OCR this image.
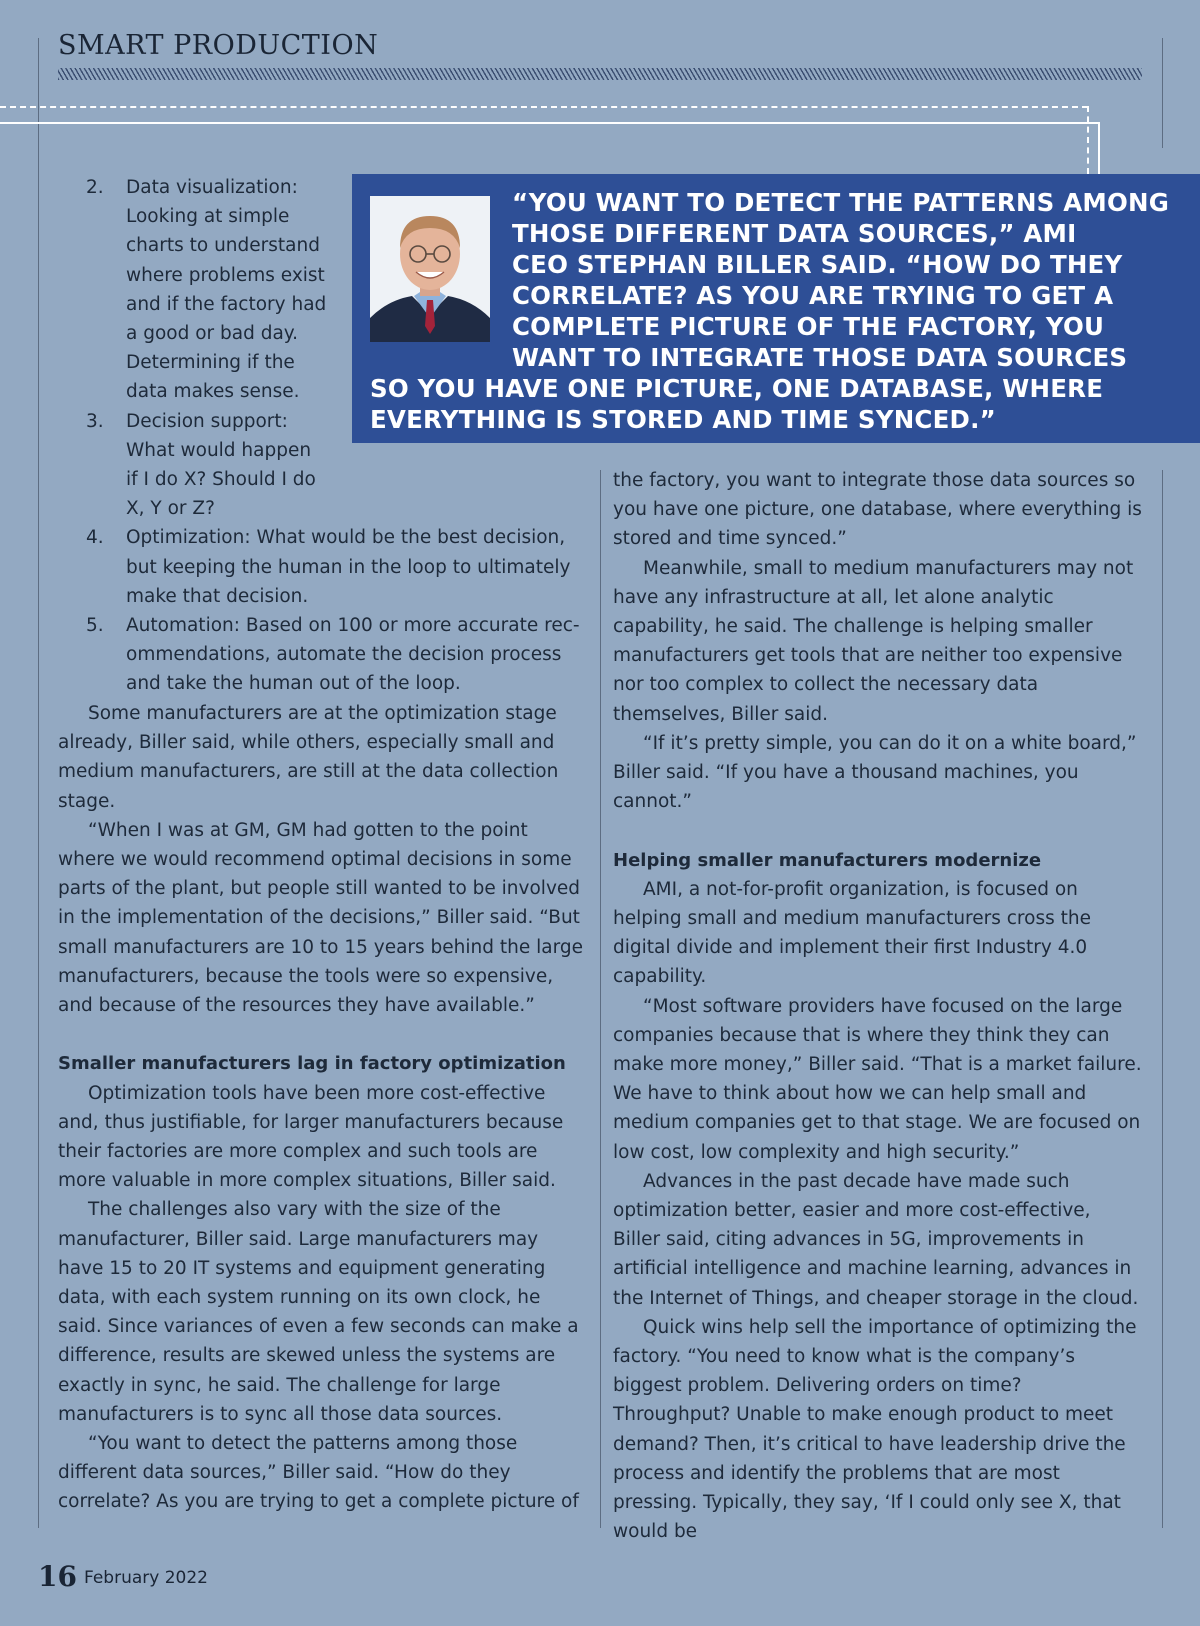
SMART PRODUCTION
2. Data visualization:
Looking at simple
charts to understand
where problems exist
and if the factory had
a good or bad day.
Determining if the
data makes sense.
3. Decision support:
What would happen
if I do X? Should I do
X, Y or Z?
4. Optimization: What would be the best decision,
but keeping the human in the loop to ultimately
make that decision.
5. Automation: Based on 100 or more accurate rec-
ommendations, automate the decision process
and take the human out of the loop.

“YOU WANT TO DETECT THE PATTERNS AMONG
THOSE DIFFERENT DATA SOURCES,” AMI
CEO STEPHAN BILLER SAID. “HOW DO THEY
CORRELATE? AS YOU ARE TRYING TO GET A
COMPLETE PICTURE OF THE FACTORY, YOU
WANT TO INTEGRATE THOSE DATA SOURCES

SO YOU HAVE ONE PICTURE, ONE DATABASE, WHERE
EVERYTHING IS STORED AND TIME SYNCED.”

Some manufacturers are at the optimization stage already, Biller said, while others, especially small and medium manufacturers, are still at the data collection stage.

“When I was at GM, GM had gotten to the point where we would recommend optimal decisions in some parts of the plant, but people still wanted to be involved in the implementation of the decisions,” Biller said. “But small manufacturers are 10 to 15 years behind the large manufacturers, because the tools were so expensive, and because of the resources they have available.”

Smaller manufacturers lag in factory optimization

Optimization tools have been more cost-effective and, thus justifiable, for larger manufacturers because their factories are more complex and such tools are more valuable in more complex situations, Biller said.

The challenges also vary with the size of the manufacturer, Biller said. Large manufacturers may have 15 to 20 IT systems and equipment generating data, with each system running on its own clock, he said. Since variances of even a few seconds can make a difference, results are skewed unless the systems are exactly in sync, he said. The challenge for large manufacturers is to sync all those data sources.

“You want to detect the patterns among those different data sources,” Biller said. “How do they correlate? As you are trying to get a complete picture of

the factory, you want to integrate those data sources so you have one picture, one database, where everything is stored and time synced.”

Meanwhile, small to medium manufacturers may not have any infrastructure at all, let alone analytic capability, he said. The challenge is helping smaller manufacturers get tools that are neither too expensive nor too complex to collect the necessary data themselves, Biller said.

“If it’s pretty simple, you can do it on a white board,” Biller said. “If you have a thousand machines, you cannot.”

Helping smaller manufacturers modernize

AMI, a not-for-profit organization, is focused on helping small and medium manufacturers cross the digital divide and implement their first Industry 4.0 capability.

“Most software providers have focused on the large companies because that is where they think they can make more money,” Biller said. “That is a market failure. We have to think about how we can help small and medium companies get to that stage. We are focused on low cost, low complexity and high security.”

Advances in the past decade have made such optimization better, easier and more cost-effective, Biller said, citing advances in 5G, improvements in artificial intelligence and machine learning, advances in the Internet of Things, and cheaper storage in the cloud.

Quick wins help sell the importance of optimizing the factory. “You need to know what is the company’s biggest problem. Delivering orders on time? Throughput? Unable to make enough product to meet demand? Then, it’s critical to have leadership drive the process and identify the problems that are most pressing. Typically, they say, ‘If I could only see X, that would be

16 February 2022
